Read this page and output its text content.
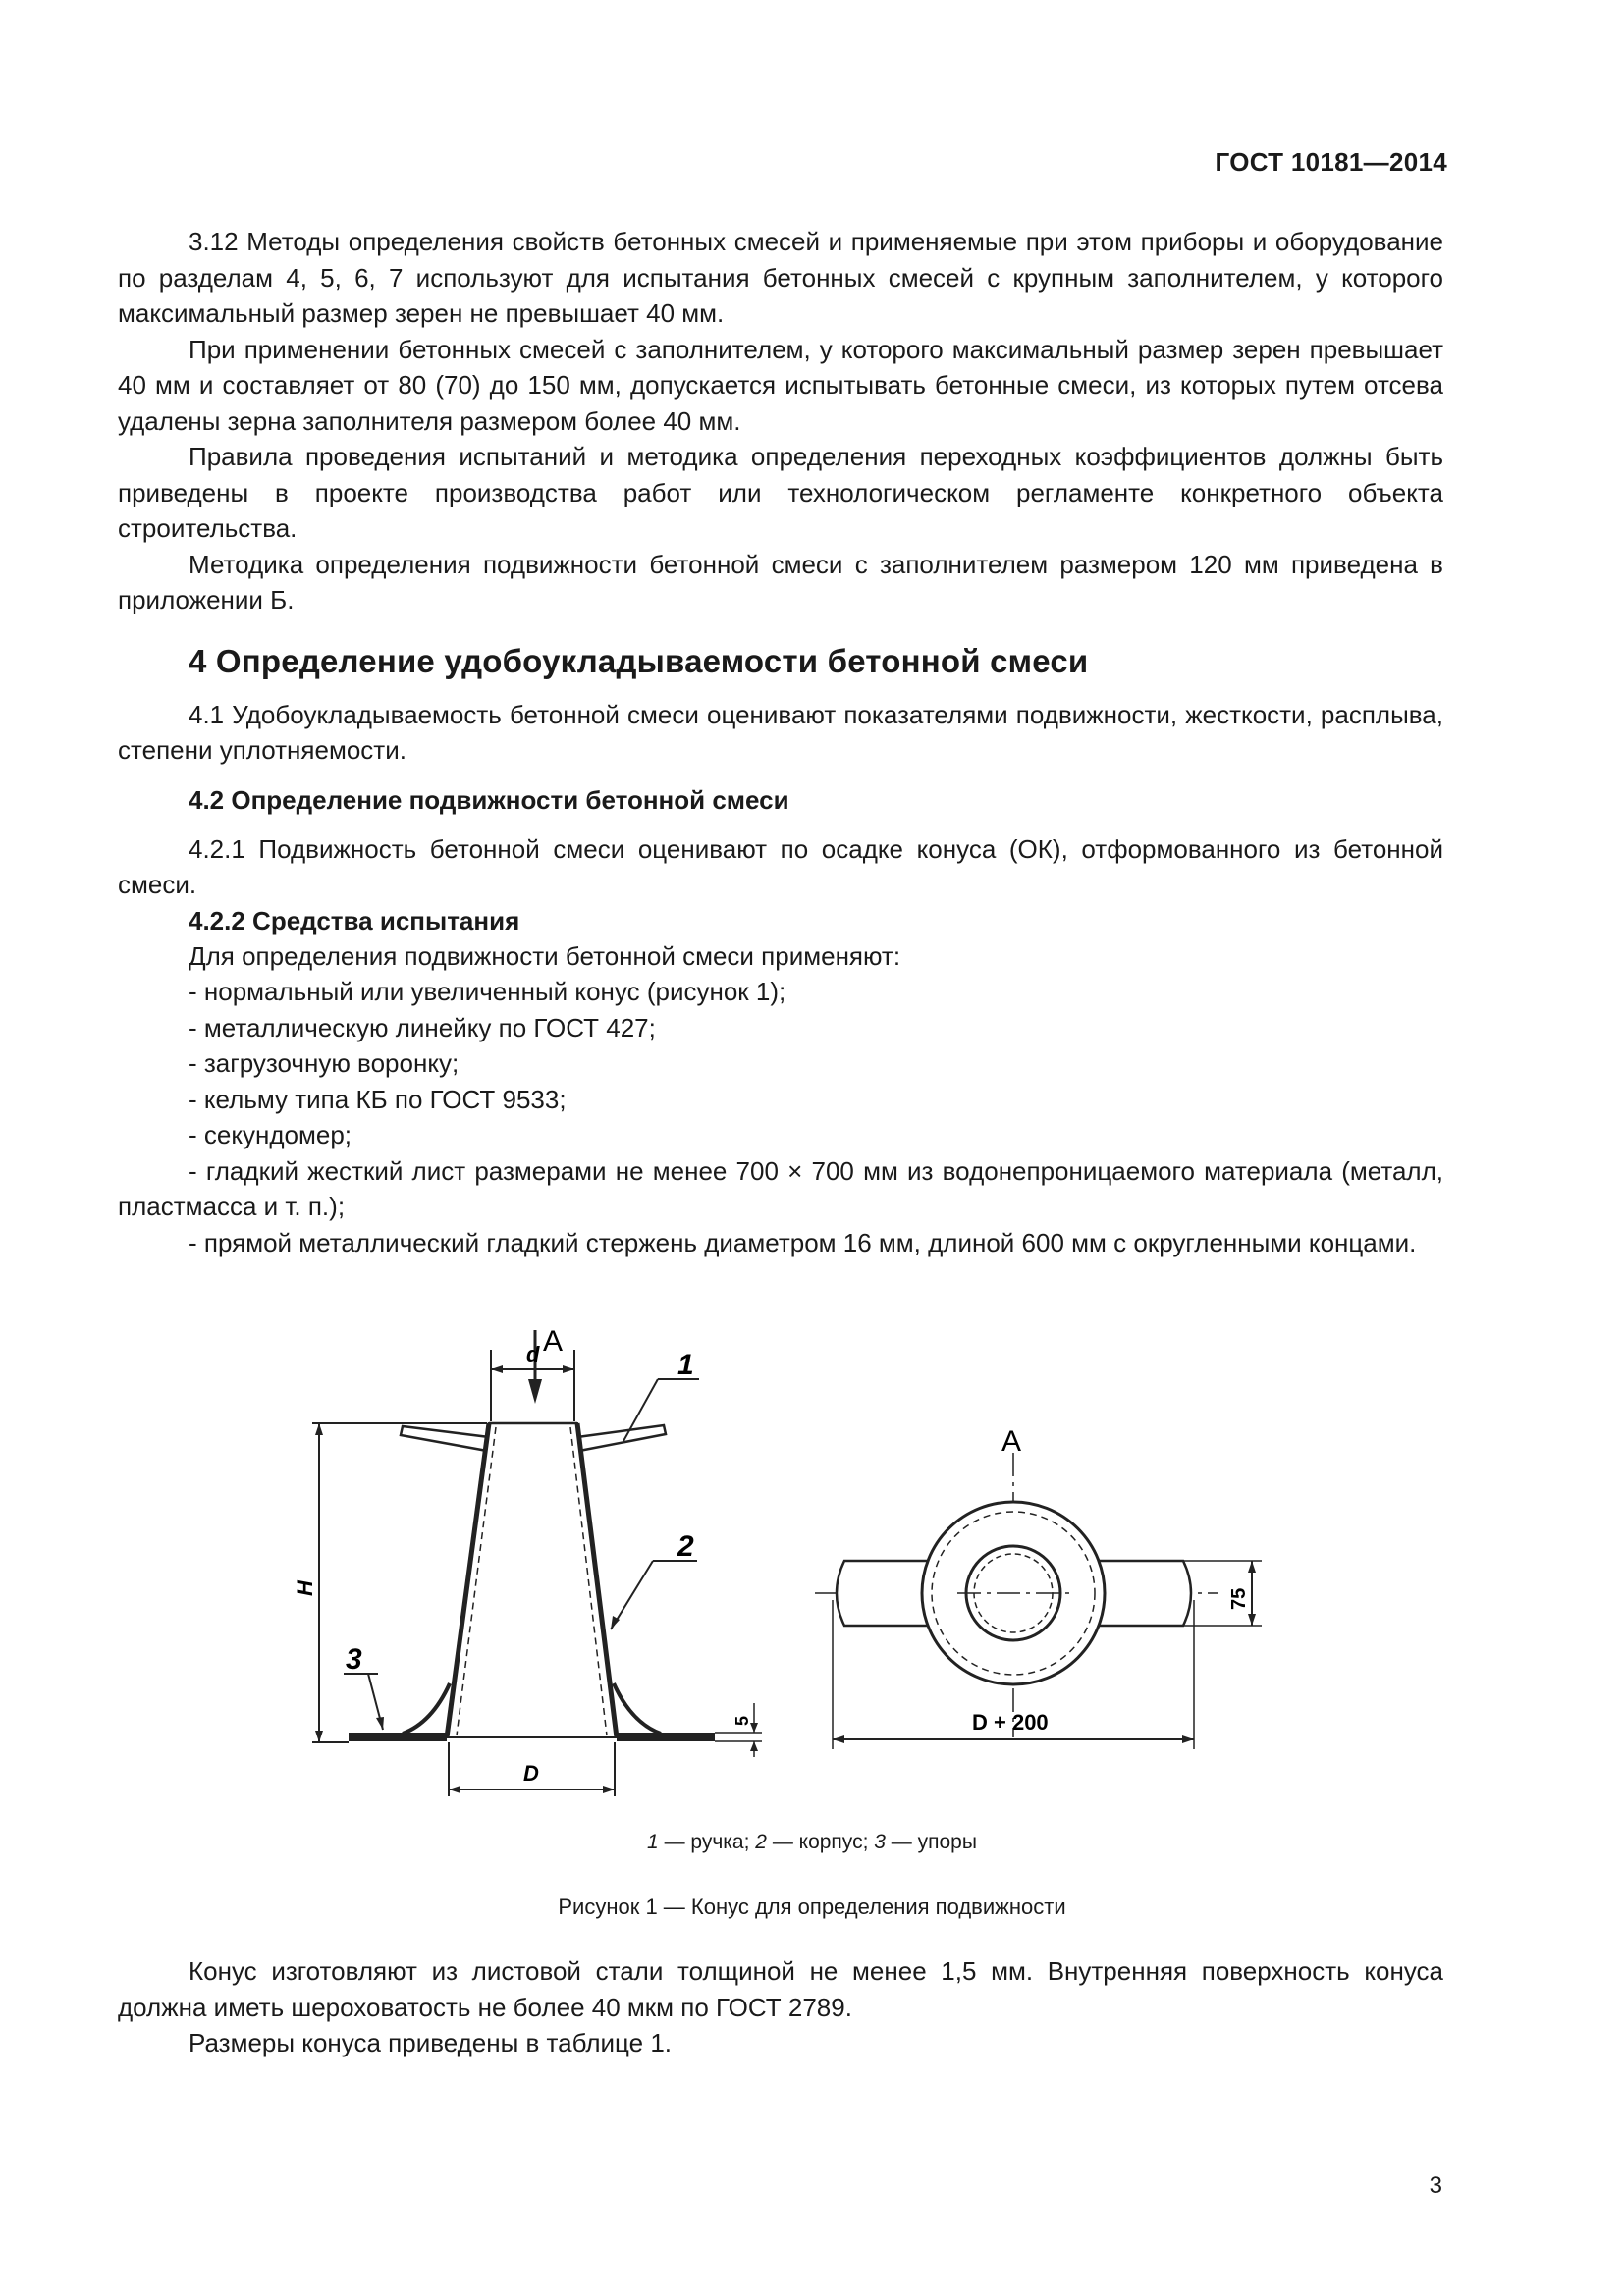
ГОСТ 10181—2014

3.12 Методы определения свойств бетонных смесей и применяемые при этом приборы и оборудование по разделам 4, 5, 6, 7 используют для испытания бетонных смесей с крупным заполнителем, у которого максимальный размер зерен не превышает 40 мм.

При применении бетонных смесей с заполнителем, у которого максимальный размер зерен превышает 40 мм и составляет от 80 (70) до 150 мм, допускается испытывать бетонные смеси, из которых путем отсева удалены зерна заполнителя размером более 40 мм.

Правила проведения испытаний и методика определения переходных коэффициентов должны быть приведены в проекте производства работ или технологическом регламенте конкретного объекта строительства.

Методика определения подвижности бетонной смеси с заполнителем размером 120 мм приведена в приложении Б.

4 Определение удобоукладываемости бетонной смеси

4.1 Удобоукладываемость бетонной смеси оценивают показателями подвижности, жесткости, расплыва, степени уплотняемости.

4.2 Определение подвижности бетонной смеси

4.2.1 Подвижность бетонной смеси оценивают по осадке конуса (ОК), отформованного из бетонной смеси.

4.2.2 Средства испытания

Для определения подвижности бетонной смеси применяют:

- нормальный или увеличенный конус (рисунок 1);

- металлическую линейку по ГОСТ 427;

- загрузочную воронку;

- кельму типа КБ по ГОСТ 9533;

- секундомер;

- гладкий жесткий лист размерами не менее 700 × 700 мм из водонепроницаемого материала (металл, пластмасса и т. п.);

- прямой металлический гладкий стержень диаметром 16 мм, длиной 600 мм с округленными концами.

A
d	1
2
3
H
D
5
A
75
D + 200
1 — ручка; 2 — корпус; 3 — упоры
Рисунок 1 — Конус для определения подвижности

Конус изготовляют из листовой стали толщиной не менее 1,5 мм. Внутренняя поверхность конуса должна иметь шероховатость не более 40 мкм по ГОСТ 2789.

Размеры конуса приведены в таблице 1.

3
